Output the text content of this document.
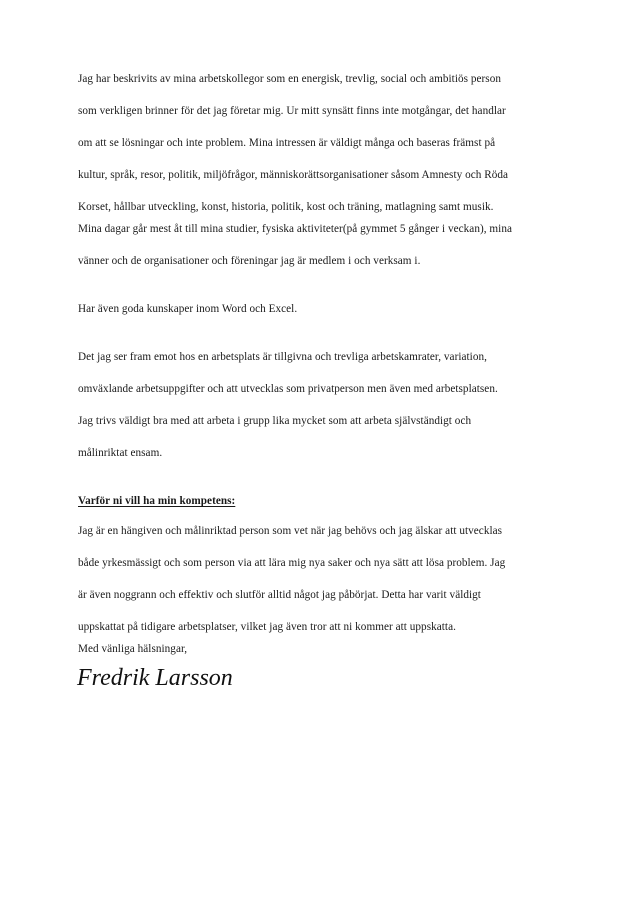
Jag har beskrivits av mina arbetskollegor som en energisk, trevlig, social och ambitiös person
som verkligen brinner för det jag företar mig. Ur mitt synsätt finns inte motgångar, det handlar
om att se lösningar och inte problem. Mina intressen är väldigt många och baseras främst på
kultur, språk, resor, politik, miljöfrågor, människorättsorganisationer såsom Amnesty och Röda
Korset, hållbar utveckling, konst, historia, politik, kost och träning, matlagning samt musik.
Mina dagar går mest åt till mina studier, fysiska aktiviteter(på gymmet 5 gånger i veckan), mina
vänner och de organisationer och föreningar jag är medlem i och verksam i.
Har även goda kunskaper inom Word och Excel.
Det jag ser fram emot hos en arbetsplats är tillgivna och trevliga arbetskamrater, variation,
omväxlande arbetsuppgifter och att utvecklas som privatperson men även med arbetsplatsen.
Jag trivs väldigt bra med att arbeta i grupp lika mycket som att arbeta självständigt och
målinriktat ensam.
Varför ni vill ha min kompetens:
Jag är en hängiven och målinriktad person som vet när jag behövs och jag älskar att utvecklas
både yrkesmässigt och som person via att lära mig nya saker och nya sätt att lösa problem. Jag
är även noggrann och effektiv och slutför alltid något jag påbörjat. Detta har varit väldigt
uppskattat på tidigare arbetsplatser, vilket jag även tror att ni kommer att uppskatta.
Med vänliga hälsningar,
Fredrik Larsson
